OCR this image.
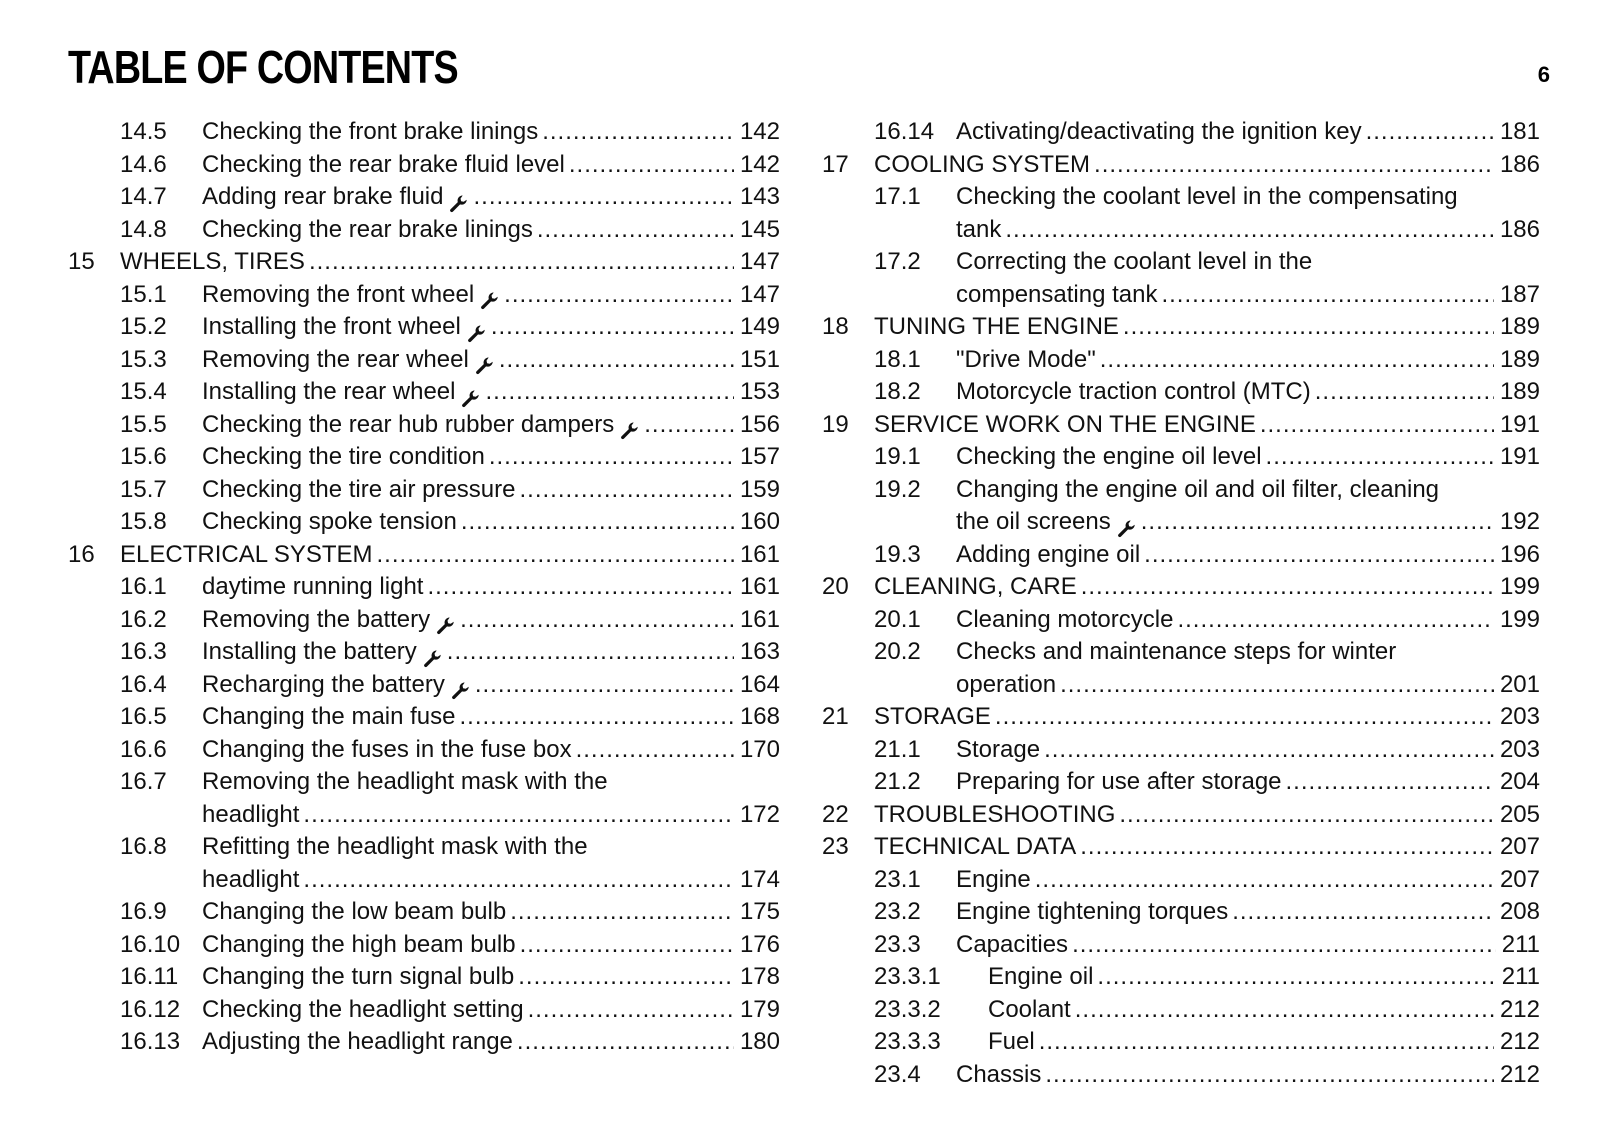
TABLE OF CONTENTS	6
14.5 Checking the front brake linings .....	142
14.6 Checking the rear brake fluid level .....	142
14.7 Adding rear brake fluid .....	143
14.8 Checking the rear brake linings .....	145
15 WHEELS, TIRES .....	147
15.1 Removing the front wheel .....	147
15.2 Installing the front wheel .....	149
15.3 Removing the rear wheel .....	151
15.4 Installing the rear wheel .....	153
15.5 Checking the rear hub rubber dampers .....	156
15.6 Checking the tire condition .....	157
15.7 Checking the tire air pressure .....	159
15.8 Checking spoke tension .....	160
16 ELECTRICAL SYSTEM .....	161
16.1 daytime running light .....	161
16.2 Removing the battery .....	161
16.3 Installing the battery .....	163
16.4 Recharging the battery .....	164
16.5 Changing the main fuse .....	168
16.6 Changing the fuses in the fuse box .....	170
16.7 Removing the headlight mask with the
headlight .....	172
16.8 Refitting the headlight mask with the
headlight .....	174
16.9 Changing the low beam bulb .....	175
16.10 Changing the high beam bulb .....	176
16.11 Changing the turn signal bulb .....	178
16.12 Checking the headlight setting .....	179
16.13 Adjusting the headlight range .....	180
16.14 Activating/deactivating the ignition key .....	181
17 COOLING SYSTEM .....	186
17.1 Checking the coolant level in the compensating
tank .....	186
17.2 Correcting the coolant level in the
compensating tank .....	187
18 TUNING THE ENGINE .....	189
18.1 "Drive Mode" .....	189
18.2 Motorcycle traction control (MTC) .....	189
19 SERVICE WORK ON THE ENGINE .....	191
19.1 Checking the engine oil level .....	191
19.2 Changing the engine oil and oil filter, cleaning
the oil screens .....	192
19.3 Adding engine oil .....	196
20 CLEANING, CARE .....	199
20.1 Cleaning motorcycle .....	199
20.2 Checks and maintenance steps for winter
operation .....	201
21 STORAGE .....	203
21.1 Storage .....	203
21.2 Preparing for use after storage .....	204
22 TROUBLESHOOTING .....	205
23 TECHNICAL DATA .....	207
23.1 Engine .....	207
23.2 Engine tightening torques .....	208
23.3 Capacities .....	211
23.3.1 Engine oil .....	211
23.3.2 Coolant .....	212
23.3.3 Fuel .....	212
23.4 Chassis .....	212
